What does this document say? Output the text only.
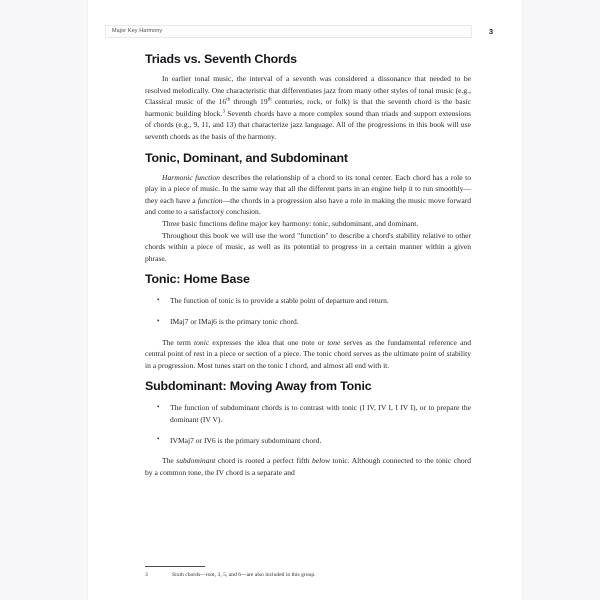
Major Key Harmony	3
Triads vs. Seventh Chords

In earlier tonal music, the interval of a seventh was considered a dissonance that needed to be resolved melodically. One characteristic that differentiates jazz from many other styles of tonal music (e.g., Classical music of the 16th through 19th centuries, rock, or folk) is that the seventh chord is the basic harmonic building block.$^3$ Seventh chords have a more complex sound than triads and support extensions of chords (e.g., 9, 11, and 13) that characterize jazz language. All of the progressions in this book will use seventh chords as the basis of the harmony.

Tonic, Dominant, and Subdominant

Harmonic function describes the relationship of a chord to its tonal center. Each chord has a role to play in a piece of music. In the same way that all the different parts in an engine help it to run smoothly—they each have a function—the chords in a progression also have a role in making the music move forward and come to a satisfactory conclusion.

Three basic functions define major key harmony: tonic, subdominant, and dominant.

Throughout this book we will use the word "function" to describe a chord's stability relative to other chords within a piece of music, as well as its potential to progress in a certain manner within a given phrase.

Tonic: Home Base
• The function of tonic is to provide a stable point of departure and return.
• IMaj7 or IMaj6 is the primary tonic chord.

The term tonic expresses the idea that one note or tone serves as the fundamental reference and central point of rest in a piece or section of a piece. The tonic chord serves as the ultimate point of stability in a progression. Most tunes start on the tonic I chord, and almost all end with it.

Subdominant: Moving Away from Tonic
• The function of subdominant chords is to contrast with tonic (I IV, IV I, I IV I), or to prepare the dominant (IV V).
• IVMaj7 or IV6 is the primary subdominant chord.

The subdominant chord is rooted a perfect fifth below tonic. Although connected to the tonic chord by a common tone, the IV chord is a separate and

3	Sixth chords—root, 3, 5, and 6—are also included in this group.
